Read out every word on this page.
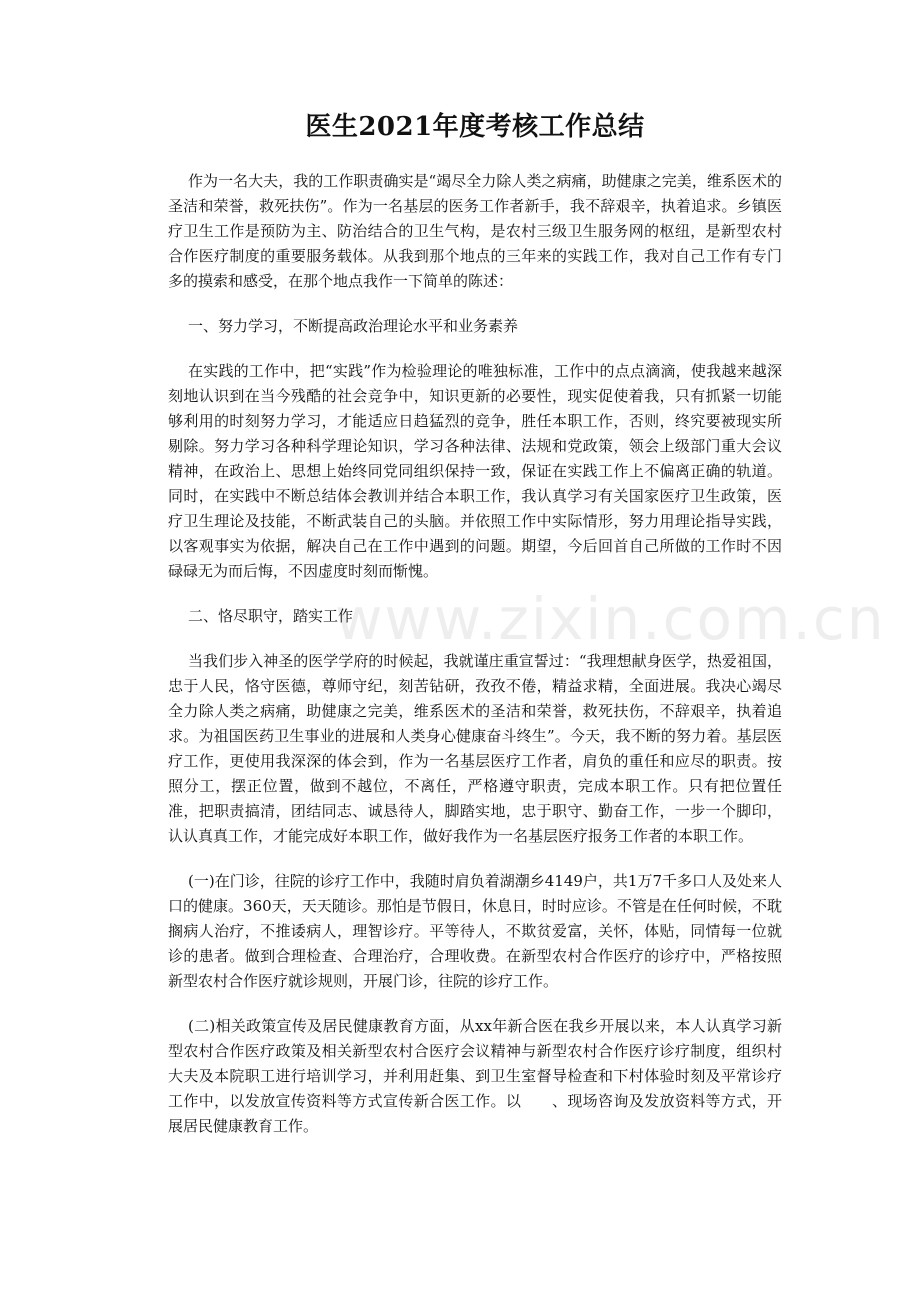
www.zixin.com.cn
医生2021年度考核工作总结

作为一名大夫，我的工作职责确实是“竭尽全力除人类之病痛，助健康之完美，维系医术的圣洁和荣誉，救死扶伤”。作为一名基层的医务工作者新手，我不辞艰辛，执着追求。乡镇医疗卫生工作是预防为主、防治结合的卫生气构，是农村三级卫生服务网的枢纽，是新型农村合作医疗制度的重要服务载体。从我到那个地点的三年来的实践工作，我对自己工作有专门多的摸索和感受，在那个地点我作一下简单的陈述：

一、努力学习，不断提高政治理论水平和业务素养

在实践的工作中，把“实践”作为检验理论的唯独标准，工作中的点点滴滴，使我越来越深刻地认识到在当今残酷的社会竞争中，知识更新的必要性，现实促使着我，只有抓紧一切能够利用的时刻努力学习，才能适应日趋猛烈的竞争，胜任本职工作，否则，终究要被现实所剔除。努力学习各种科学理论知识，学习各种法律、法规和党政策，领会上级部门重大会议精神，在政治上、思想上始终同党同组织保持一致，保证在实践工作上不偏离正确的轨道。同时，在实践中不断总结体会教训并结合本职工作，我认真学习有关国家医疗卫生政策，医疗卫生理论及技能，不断武装自己的头脑。并依照工作中实际情形，努力用理论指导实践，以客观事实为依据，解决自己在工作中遇到的问题。期望，今后回首自己所做的工作时不因碌碌无为而后悔，不因虚度时刻而惭愧。

二、恪尽职守，踏实工作

当我们步入神圣的医学学府的时候起，我就谨庄重宣誓过：“我理想献身医学，热爱祖国，忠于人民，恪守医德，尊师守纪，刻苦钻研，孜孜不倦，精益求精，全面进展。我决心竭尽全力除人类之病痛，助健康之完美，维系医术的圣洁和荣誉，救死扶伤，不辞艰辛，执着追求。为祖国医药卫生事业的进展和人类身心健康奋斗终生”。今天，我不断的努力着。基层医疗工作，更使用我深深的体会到，作为一名基层医疗工作者，肩负的重任和应尽的职责。按照分工，摆正位置，做到不越位，不离任，严格遵守职责，完成本职工作。只有把位置任准，把职责搞清，团结同志、诚恳待人，脚踏实地，忠于职守、勤奋工作，一步一个脚印，认认真真工作，才能完成好本职工作，做好我作为一名基层医疗报务工作者的本职工作。

(一)在门诊，往院的诊疗工作中，我随时肩负着湖潮乡4149户，共1万7千多口人及处来人口的健康。360天，天天随诊。那怕是节假日，休息日，时时应诊。不管是在任何时候，不耽搁病人治疗，不推诿病人，理智诊疗。平等待人，不欺贫爱富，关怀，体贴，同情每一位就诊的患者。做到合理检查、合理治疗，合理收费。在新型农村合作医疗的诊疗中，严格按照新型农村合作医疗就诊规则，开展门诊，往院的诊疗工作。

(二)相关政策宣传及居民健康教育方面，从xx年新合医在我乡开展以来，本人认真学习新型农村合作医疗政策及相关新型农村合医疗会议精神与新型农村合作医疗诊疗制度，组织村大夫及本院职工进行培训学习，并利用赶集、到卫生室督导检查和下村体验时刻及平常诊疗工作中，以发放宣传资料等方式宣传新合医工作。以　　、现场咨询及发放资料等方式，开展居民健康教育工作。
